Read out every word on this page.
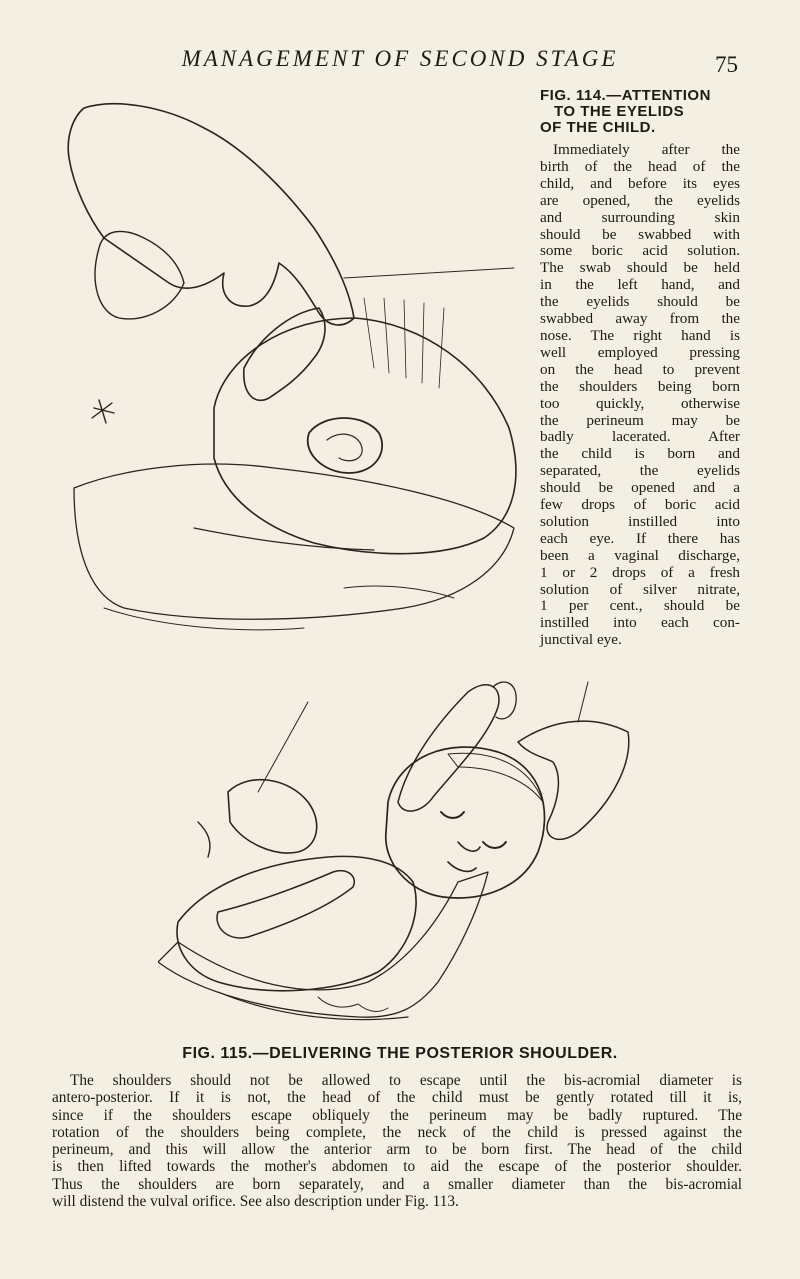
MANAGEMENT OF SECOND STAGE	75
FIG. 114.—ATTENTION
TO THE EYELIDS
OF THE CHILD.
Immediately after the
birth of the head of the
child, and before its eyes
are opened, the eyelids
and surrounding skin
should be swabbed with
some boric acid solution.
The swab should be held
in the left hand, and
the eyelids should be
swabbed away from the
nose. The right hand is
well employed pressing
on the head to prevent
the shoulders being born
too quickly, otherwise
the perineum may be
badly lacerated. After
the child is born and
separated, the eyelids
should be opened and a
few drops of boric acid
solution instilled into
each eye. If there has
been a vaginal discharge,
1 or 2 drops of a fresh
solution of silver nitrate,
1 per cent., should be
instilled into each con-
junctival eye.
FIG. 115.—DELIVERING THE POSTERIOR SHOULDER.
The shoulders should not be allowed to escape until the bis-acromial diameter is
antero-posterior. If it is not, the head of the child must be gently rotated till it is,
since if the shoulders escape obliquely the perineum may be badly ruptured. The
rotation of the shoulders being complete, the neck of the child is pressed against the
perineum, and this will allow the anterior arm to be born first. The head of the child
is then lifted towards the mother's abdomen to aid the escape of the posterior shoulder.
Thus the shoulders are born separately, and a smaller diameter than the bis-acromial
will distend the vulval orifice. See also description under Fig. 113.
